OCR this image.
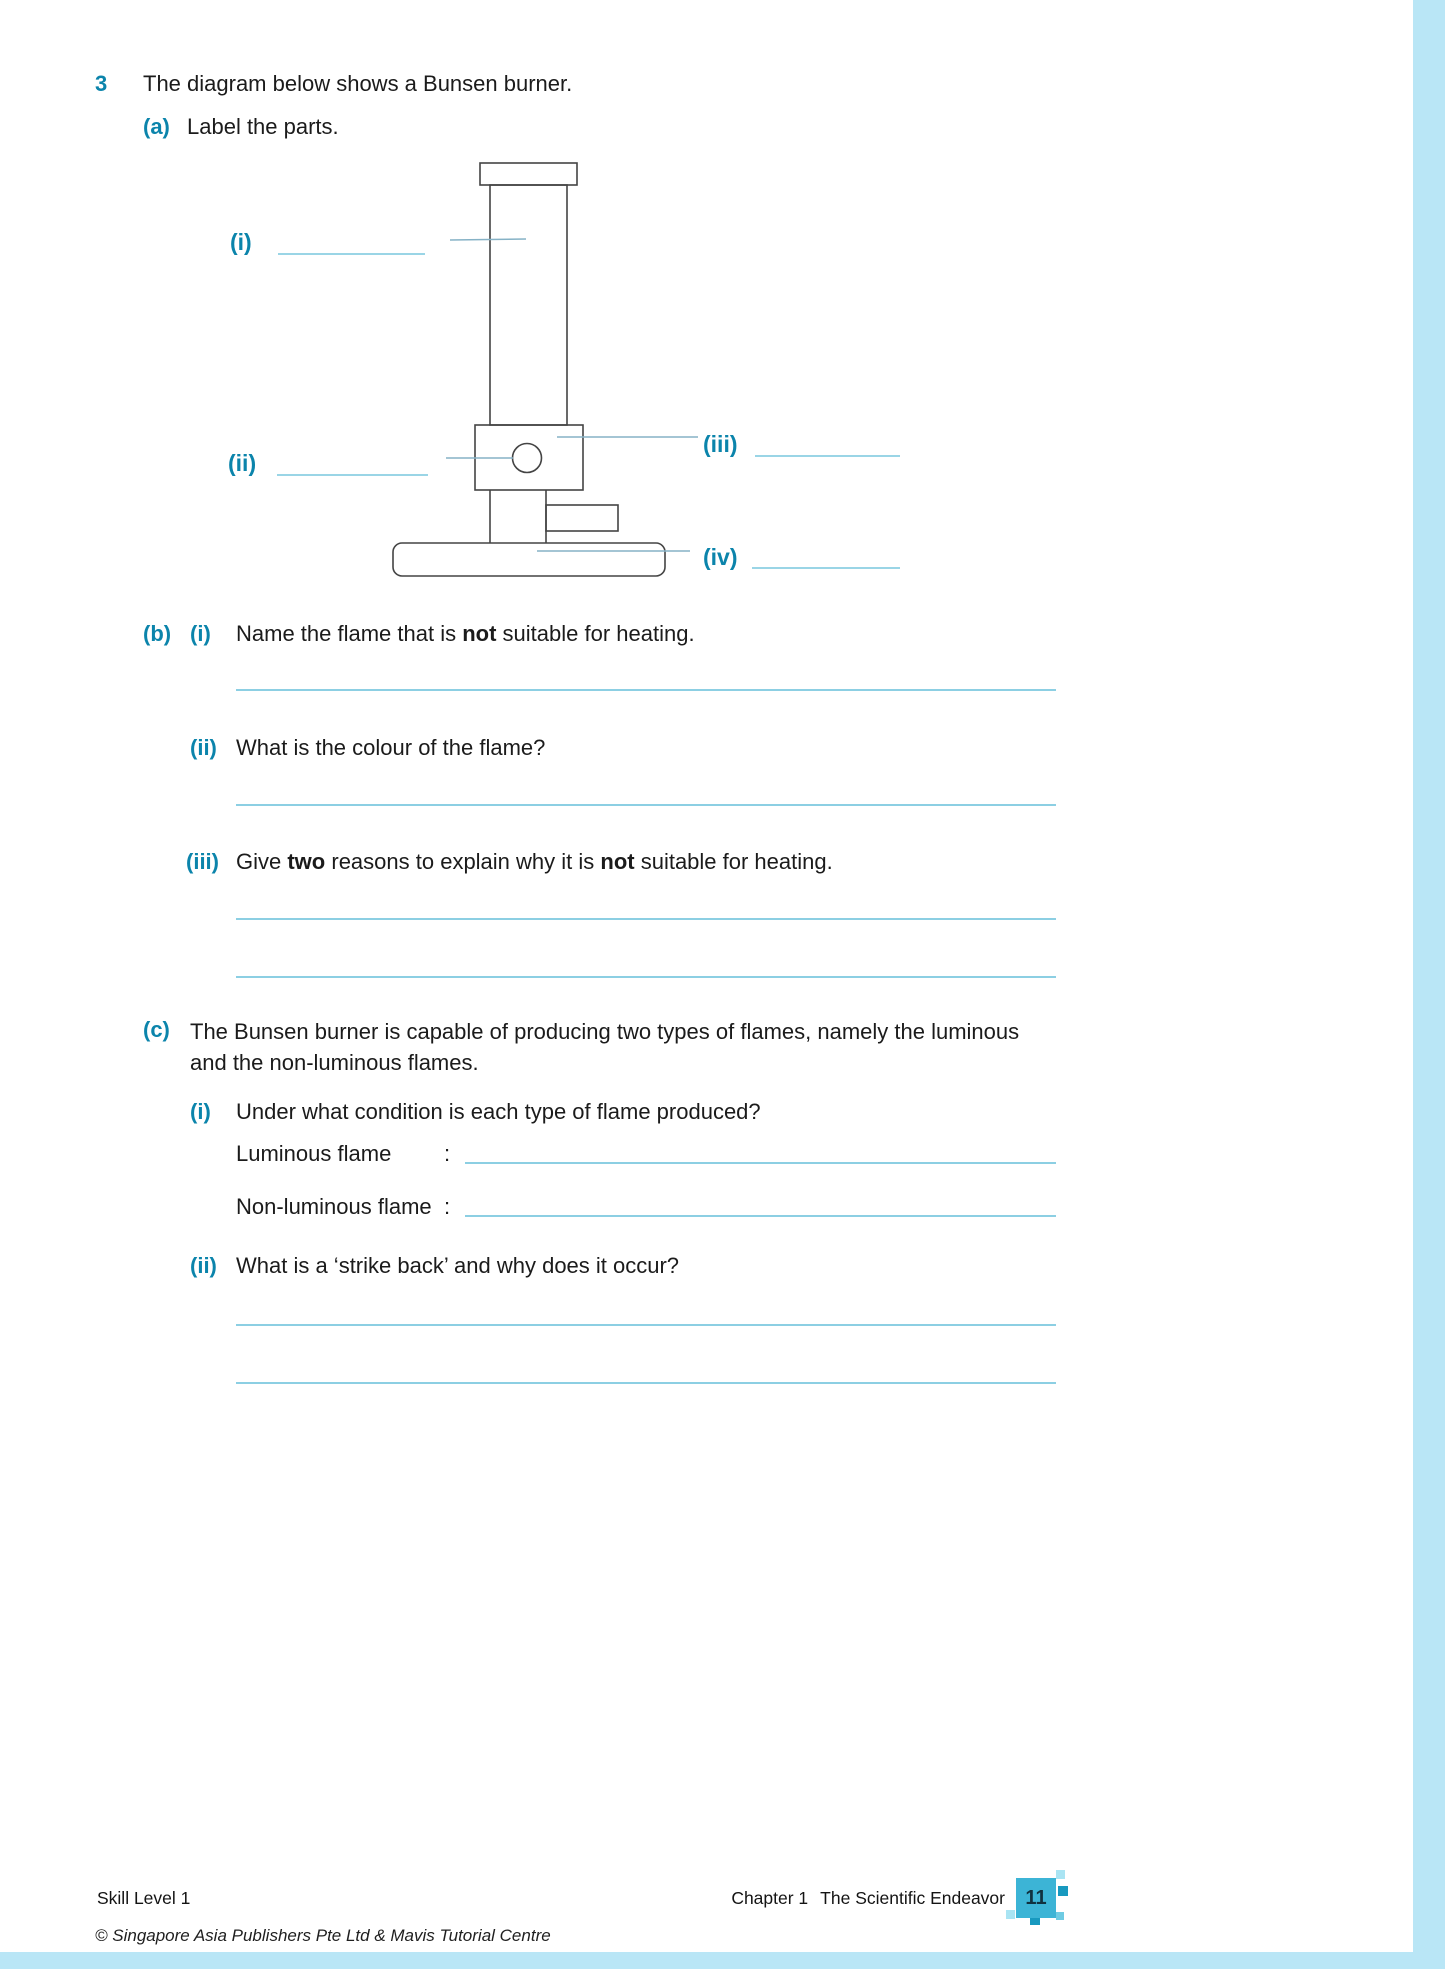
3 The diagram below shows a Bunsen burner.
(a) Label the parts.
(i)
(ii)
(iii)
(iv)
(b) (i) Name the flame that is not suitable for heating.
(ii) What is the colour of the flame?
(iii) Give two reasons to explain why it is not suitable for heating.
(c) The Bunsen burner is capable of producing two types of flames, namely the luminous
and the non-luminous flames.
(i) Under what condition is each type of flame produced?
Luminous flame :
Non-luminous flame :
(ii) What is a ‘strike back’ and why does it occur?
Skill Level 1	Chapter 1 The Scientific Endeavor	11
© Singapore Asia Publishers Pte Ltd & Mavis Tutorial Centre
